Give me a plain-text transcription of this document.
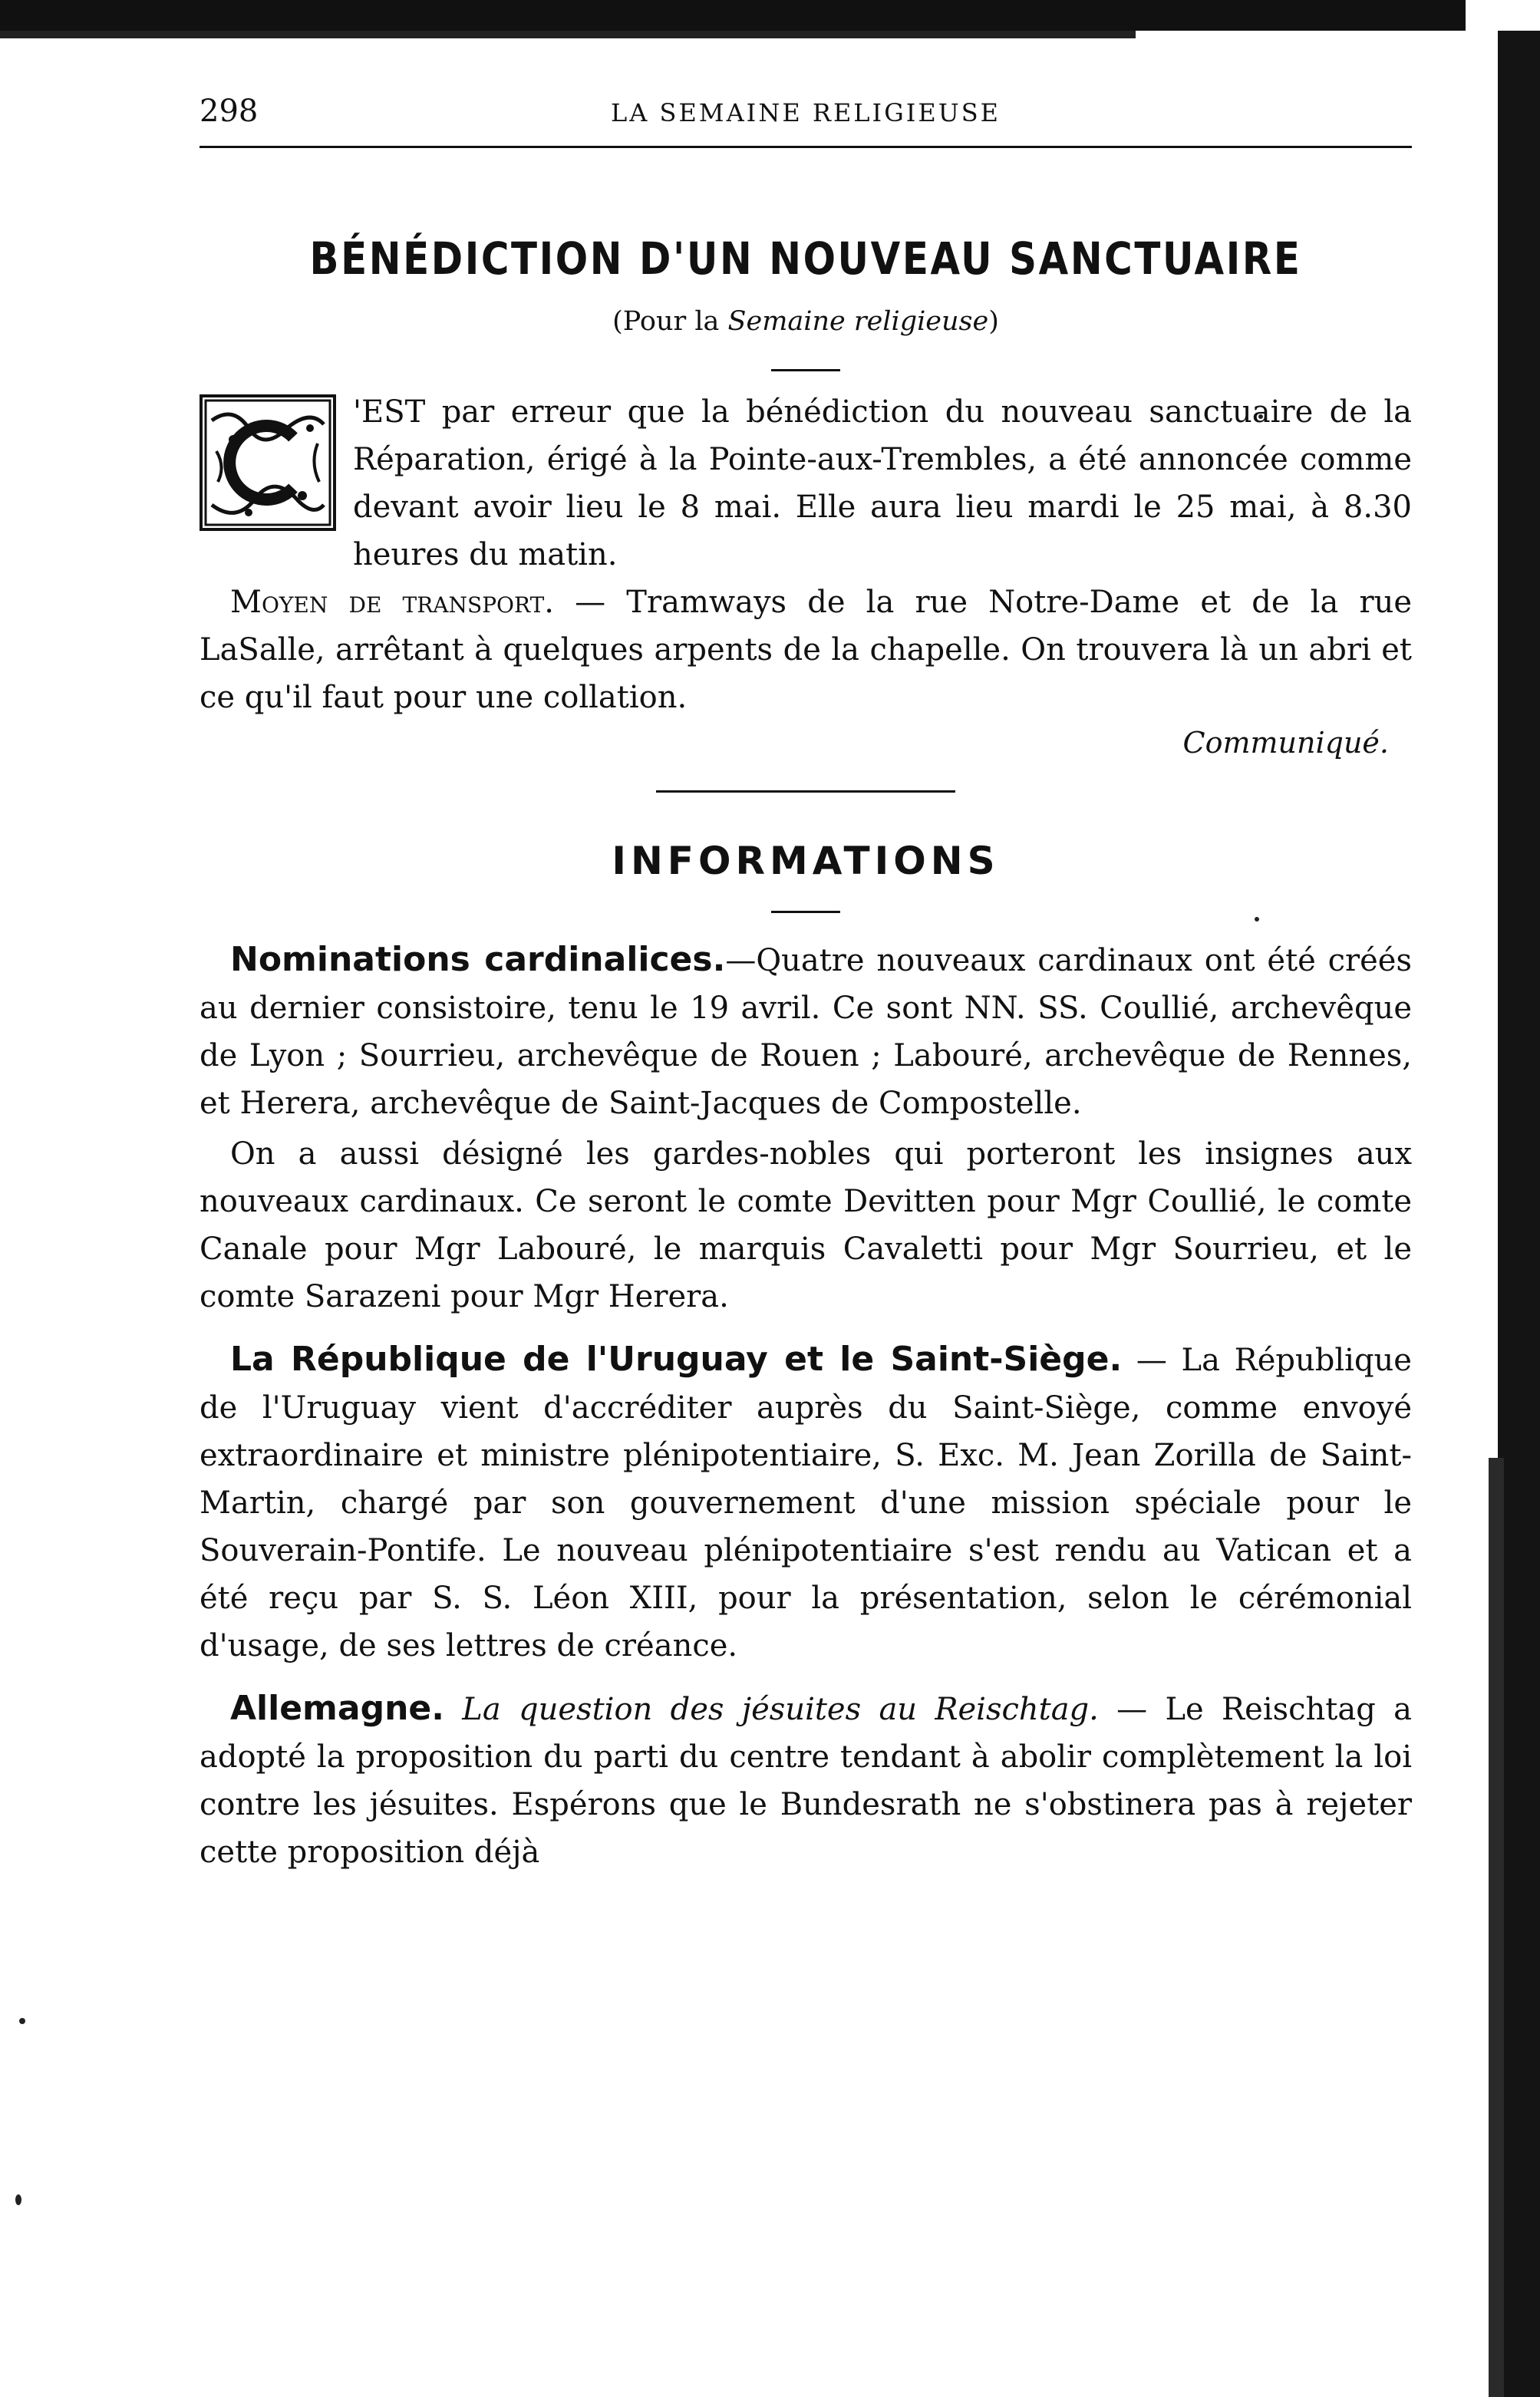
298	LA SEMAINE RELIGIEUSE
BÉNÉDICTION D'UN NOUVEAU SANCTUAIRE
(Pour la Semaine religieuse)

'EST par erreur que la bénédiction du nouveau sanctuaire de la Réparation, érigé à la Pointe-aux-Trembles, a été annoncée comme devant avoir lieu le 8 mai. Elle aura lieu mardi le 25 mai, à 8.30 heures du matin.

Moyen de transport. — Tramways de la rue Notre-Dame et de la rue LaSalle, arrêtant à quelques arpents de la chapelle. On trouvera là un abri et ce qu'il faut pour une collation.

Communiqué.
INFORMATIONS

Nominations cardinalices.—Quatre nouveaux cardinaux ont été créés au dernier consistoire, tenu le 19 avril. Ce sont NN. SS. Coullié, archevêque de Lyon ; Sourrieu, archevêque de Rouen ; Labouré, archevêque de Rennes, et Herera, archevêque de Saint-Jacques de Compostelle.

On a aussi désigné les gardes-nobles qui porteront les insignes aux nouveaux cardinaux. Ce seront le comte Devitten pour Mgr Coullié, le comte Canale pour Mgr Labouré, le marquis Cavaletti pour Mgr Sourrieu, et le comte Sarazeni pour Mgr Herera.

La République de l'Uruguay et le Saint-Siège. — La République de l'Uruguay vient d'accréditer auprès du Saint-Siège, comme envoyé extraordinaire et ministre plénipotentiaire, S. Exc. M. Jean Zorilla de Saint-Martin, chargé par son gouvernement d'une mission spéciale pour le Souverain-Pontife. Le nouveau plénipotentiaire s'est rendu au Vatican et a été reçu par S. S. Léon XIII, pour la présentation, selon le cérémonial d'usage, de ses lettres de créance.

Allemagne. La question des jésuites au Reischtag. — Le Reischtag a adopté la proposition du parti du centre tendant à abolir complètement la loi contre les jésuites. Espérons que le Bundesrath ne s'obstinera pas à rejeter cette proposition déjà
